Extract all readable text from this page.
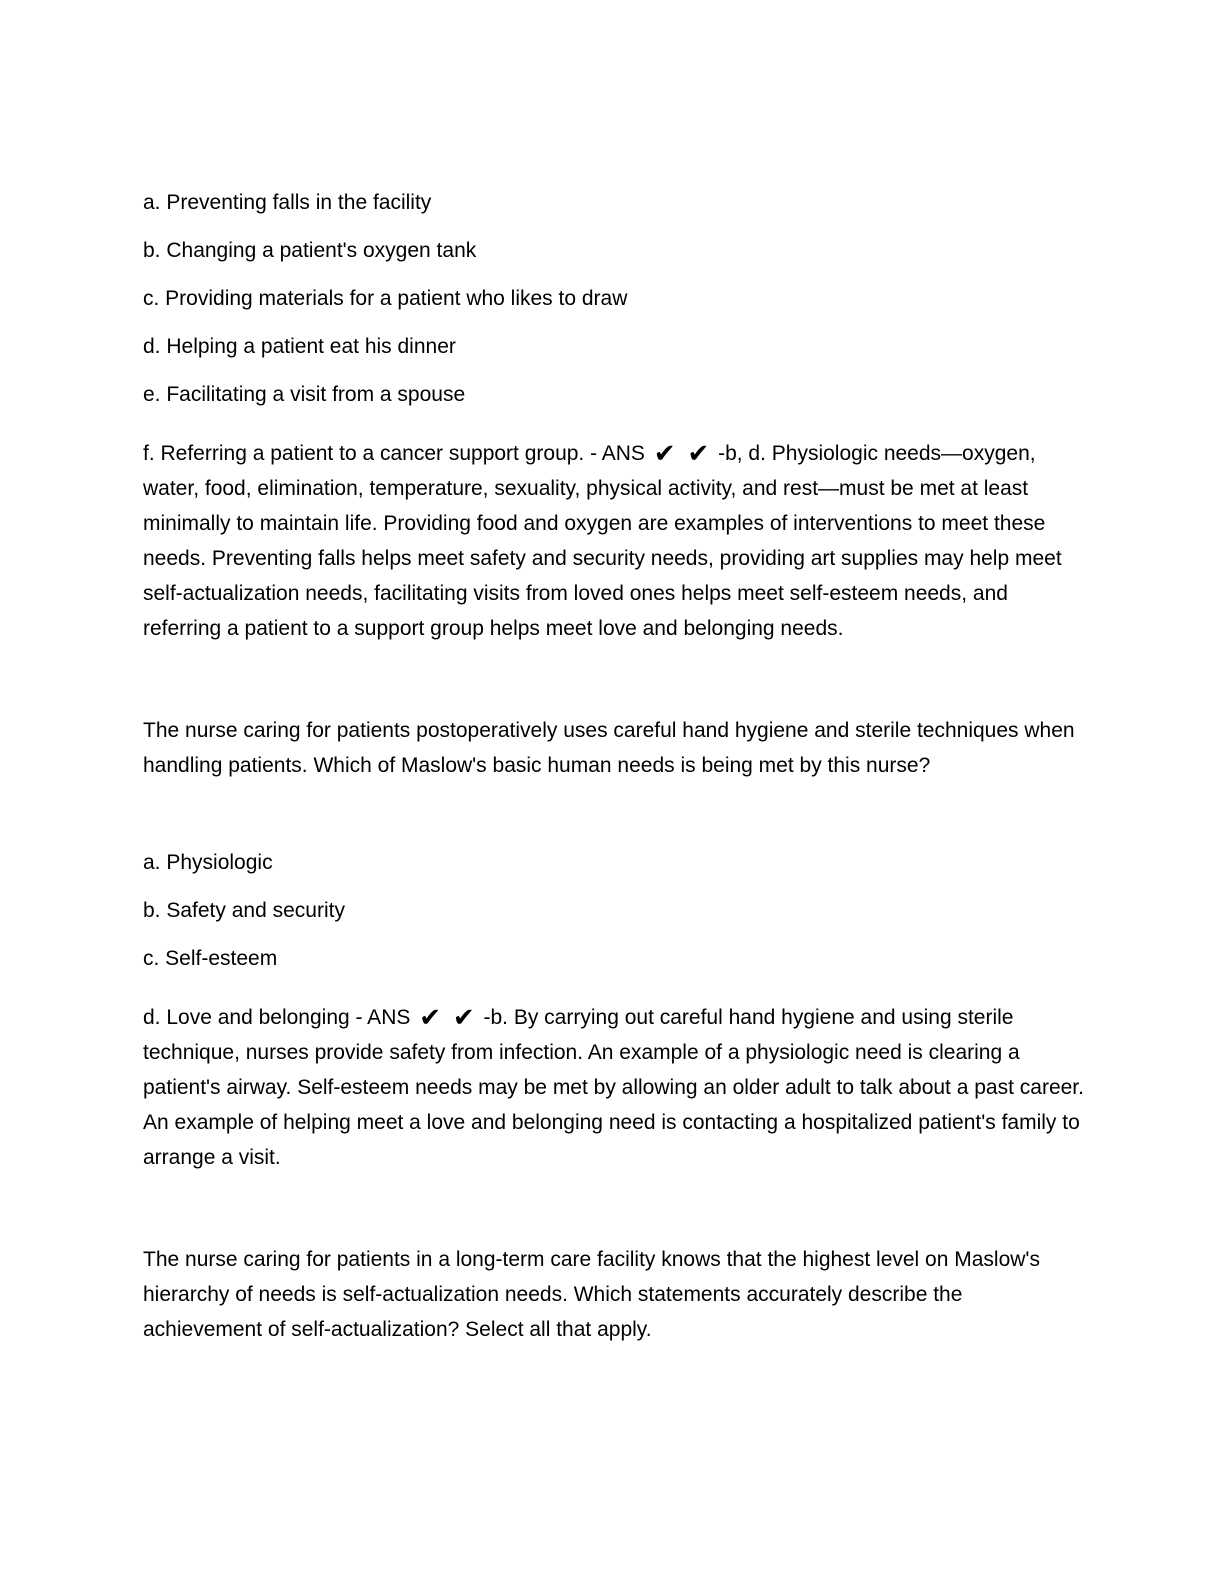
a. Preventing falls in the facility

b. Changing a patient's oxygen tank

c. Providing materials for a patient who likes to draw

d. Helping a patient eat his dinner

e. Facilitating a visit from a spouse

f. Referring a patient to a cancer support group. - ANS ✔ ✔ -b, d. Physiologic needs—oxygen, water, food, elimination, temperature, sexuality, physical activity, and rest—must be met at least minimally to maintain life. Providing food and oxygen are examples of interventions to meet these needs. Preventing falls helps meet safety and security needs, providing art supplies may help meet self-actualization needs, facilitating visits from loved ones helps meet self-esteem needs, and referring a patient to a support group helps meet love and belonging needs.

The nurse caring for patients postoperatively uses careful hand hygiene and sterile techniques when handling patients. Which of Maslow's basic human needs is being met by this nurse?

a. Physiologic

b. Safety and security

c. Self-esteem

d. Love and belonging - ANS ✔ ✔ -b. By carrying out careful hand hygiene and using sterile technique, nurses provide safety from infection. An example of a physiologic need is clearing a patient's airway. Self-esteem needs may be met by allowing an older adult to talk about a past career. An example of helping meet a love and belonging need is contacting a hospitalized patient's family to arrange a visit.

The nurse caring for patients in a long-term care facility knows that the highest level on Maslow's hierarchy of needs is self-actualization needs. Which statements accurately describe the achievement of self-actualization? Select all that apply.
